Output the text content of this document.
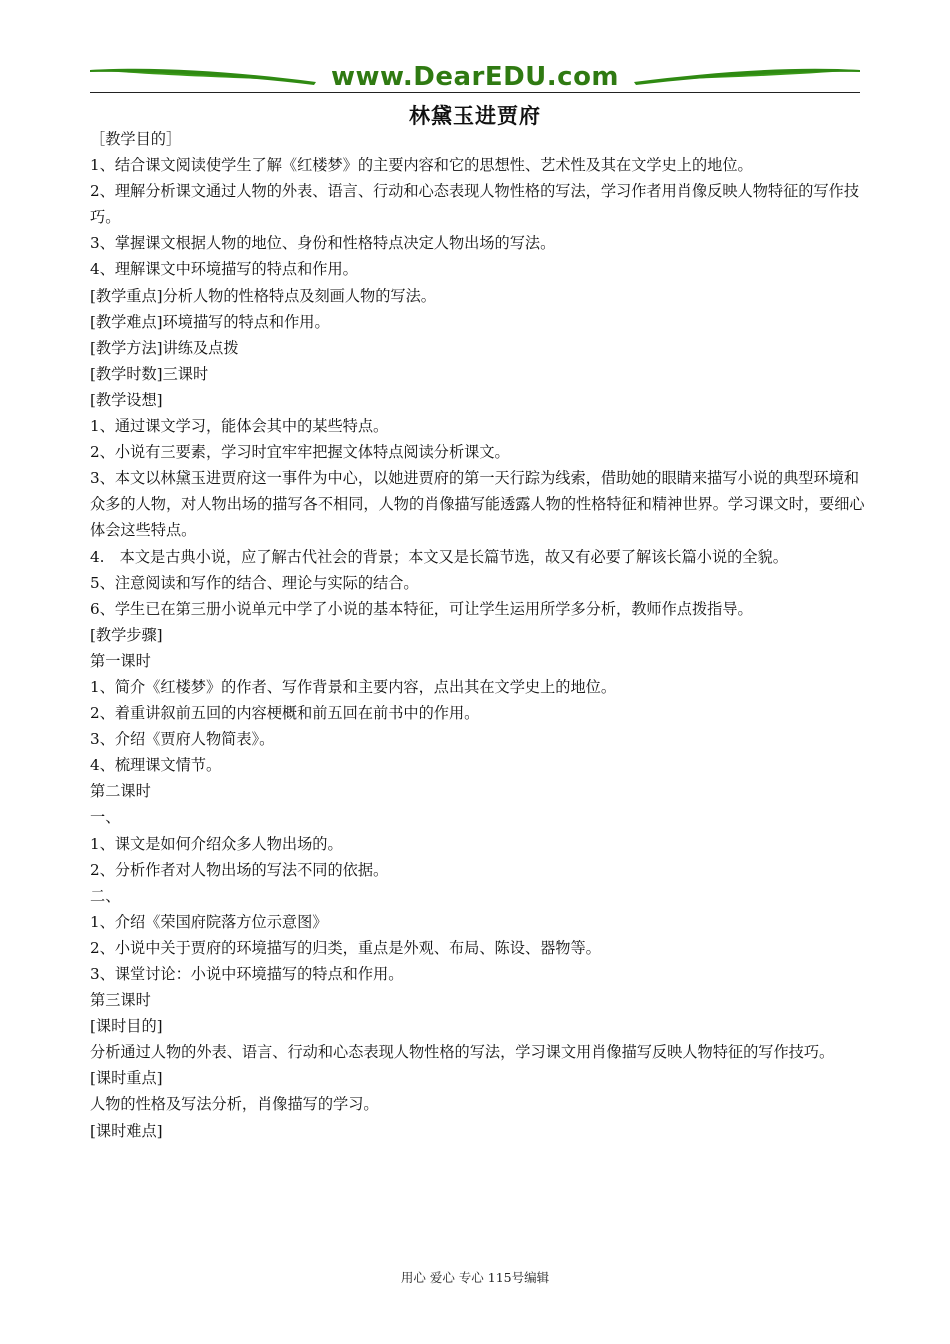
www.DearEDU.com
林黛玉进贾府

［教学目的］

1、结合课文阅读使学生了解《红楼梦》的主要内容和它的思想性、艺术性及其在文学史上的地位。

2、理解分析课文通过人物的外表、语言、行动和心态表现人物性格的写法，学习作者用肖像反映人物特征的写作技巧。

3、掌握课文根据人物的地位、身份和性格特点决定人物出场的写法。

4、理解课文中环境描写的特点和作用。

[教学重点]分析人物的性格特点及刻画人物的写法。

[教学难点]环境描写的特点和作用。

[教学方法]讲练及点拨

[教学时数]三课时

[教学设想]

1、通过课文学习，能体会其中的某些特点。

2、小说有三要素，学习时宜牢牢把握文体特点阅读分析课文。

3、本文以林黛玉进贾府这一事件为中心，以她进贾府的第一天行踪为线索，借助她的眼睛来描写小说的典型环境和众多的人物，对人物出场的描写各不相同，人物的肖像描写能透露人物的性格特征和精神世界。学习课文时，要细心体会这些特点。

4.　本文是古典小说，应了解古代社会的背景；本文又是长篇节选，故又有必要了解该长篇小说的全貌。

5、注意阅读和写作的结合、理论与实际的结合。

6、学生已在第三册小说单元中学了小说的基本特征，可让学生运用所学多分析，教师作点拨指导。

[教学步骤]

第一课时

1、简介《红楼梦》的作者、写作背景和主要内容，点出其在文学史上的地位。

2、着重讲叙前五回的内容梗概和前五回在前书中的作用。

3、介绍《贾府人物简表》。

4、梳理课文情节。

第二课时

一、

1、课文是如何介绍众多人物出场的。

2、分析作者对人物出场的写法不同的依据。

二、

1、介绍《荣国府院落方位示意图》

2、小说中关于贾府的环境描写的归类，重点是外观、布局、陈设、器物等。

3、课堂讨论：小说中环境描写的特点和作用。

第三课时

[课时目的]

分析通过人物的外表、语言、行动和心态表现人物性格的写法，学习课文用肖像描写反映人物特征的写作技巧。

[课时重点]

人物的性格及写法分析，肖像描写的学习。

[课时难点]

用心 爱心 专心 115号编辑
